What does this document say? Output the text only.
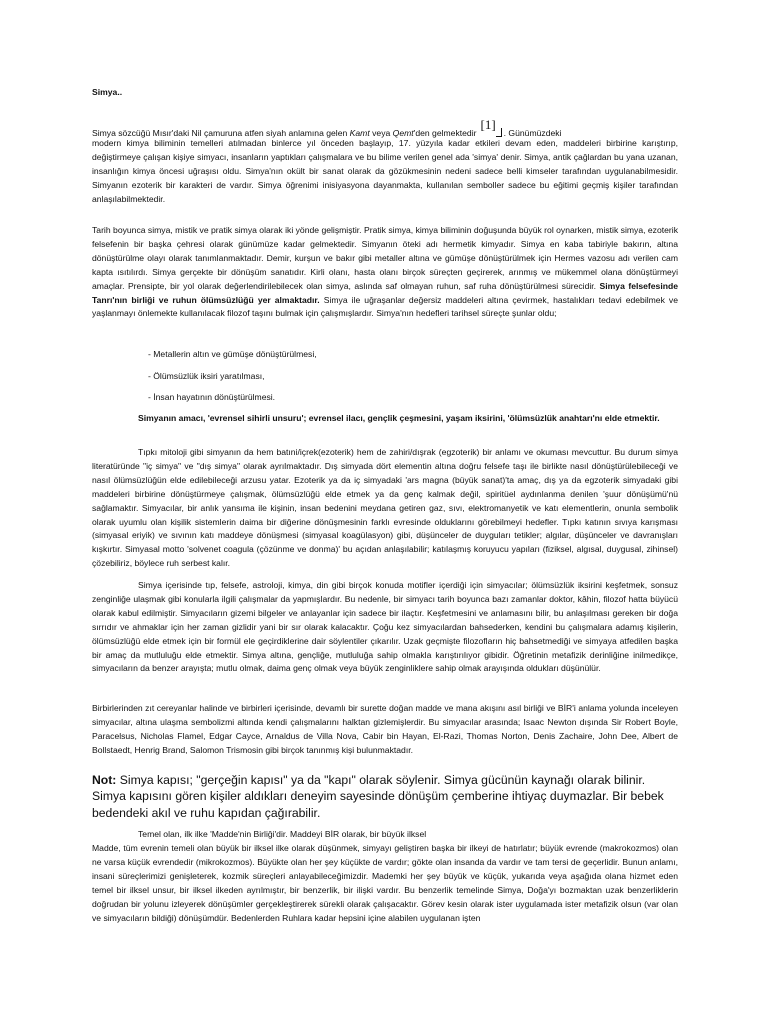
Simya..
Simya sözcüğü Mısır'daki Nil çamuruna atfen siyah anlamına gelen Kamt veya Qemt'den gelmektedir[1]. Günümüzdeki

modern kimya biliminin temelleri atılmadan binlerce yıl önceden başlayıp, 17. yüzyıla kadar etkileri devam eden, maddeleri birbirine karıştırıp, değiştirmeye çalışan kişiye simyacı, insanların yaptıkları çalışmalara ve bu bilime verilen genel ada 'simya' denir. Simya, antik çağlardan bu yana uzanan, insanlığın kimya öncesi uğraşısı oldu. Simya'nın okült bir sanat olarak da gözükmesinin nedeni sadece belli kimseler tarafından uygulanabilmesidir. Simyanın ezoterik bir karakteri de vardır. Simya öğrenimi inisiyasyona dayanmakta, kullanılan semboller sadece bu eğitimi geçmiş kişiler tarafından anlaşılabilmektedir.

Tarih boyunca simya, mistik ve pratik simya olarak iki yönde gelişmiştir. Pratik simya, kimya biliminin doğuşunda büyük rol oynarken, mistik simya, ezoterik felsefenin bir başka çehresi olarak günümüze kadar gelmektedir. Simyanın öteki adı hermetik kimyadır. Simya en kaba tabiriyle bakırın, altına dönüştürülme olayı olarak tanımlanmaktadır. Demir, kurşun ve bakır gibi metaller altına ve gümüşe dönüştürülmek için Hermes vazosu adı verilen cam kapta ısıtılırdı. Simya gerçekte bir dönüşüm sanatıdır. Kirli olanı, hasta olanı birçok süreçten geçirerek, arınmış ve mükemmel olana dönüştürmeyi amaçlar. Prensipte, bir yol olarak değerlendirilebilecek olan simya, aslında saf olmayan ruhun, saf ruha dönüştürülmesi sürecidir. Simya felsefesinde Tanrı'nın birliği ve ruhun ölümsüzlüğü yer almaktadır. Simya ile uğraşanlar değersiz maddeleri altına çevirmek, hastalıkları tedavi edebilmek ve yaşlanmayı önlemekte kullanılacak filozof taşını bulmak için çalışmışlardır. Simya'nın hedefleri tarihsel süreçte şunlar oldu;

- Metallerin altın ve gümüşe dönüştürülmesi,
- Ölümsüzlük iksiri yaratılması,
- İnsan hayatının dönüştürülmesi.

Simyanın amacı, 'evrensel sihirli unsuru'; evrensel ilacı, gençlik çeşmesini, yaşam iksirini, 'ölümsüzlük anahtarı'nı elde etmektir.

Tıpkı mitoloji gibi simyanın da hem batıni/içrek(ezoterik) hem de zahiri/dışrak (egzoterik) bir anlamı ve okuması mevcuttur. Bu durum simya literatüründe "iç simya" ve "dış simya" olarak ayrılmaktadır. Dış simyada dört elementin altına doğru felsefe taşı ile birlikte nasıl dönüştürülebileceği ve nasıl ölümsüzlüğün elde edilebileceği arzusu yatar. Ezoterik ya da iç simyadaki 'ars magna (büyük sanat)'ta amaç, dış ya da egzoterik simyadaki gibi maddeleri birbirine dönüştürmeye çalışmak, ölümsüzlüğü elde etmek ya da genç kalmak değil, spiritüel aydınlanma denilen 'şuur dönüşümü'nü sağlamaktır. Simyacılar, bir anlık yansıma ile kişinin, insan bedenini meydana getiren gaz, sıvı, elektromanyetik ve katı elementlerin, onunla sembolik olarak uyumlu olan kişilik sistemlerin daima bir diğerine dönüşmesinin farklı evresinde olduklarını görebilmeyi hedefler. Tıpkı katının sıvıya karışması (simyasal eriyik) ve sıvının katı maddeye dönüşmesi (simyasal koagülasyon) gibi, düşünceler de duyguları tetikler; algılar, düşünceler ve davranışları kışkırtır. Simyasal motto 'solvenet coagula (çözünme ve donma)' bu açıdan anlaşılabilir; katılaşmış koruyucu yapıları (fiziksel, algısal, duygusal, zihinsel) çözebiliriz, böylece ruh serbest kalır.

Simya içerisinde tıp, felsefe, astroloji, kimya, din gibi birçok konuda motifler içerdiği için simyacılar; ölümsüzlük iksirini keşfetmek, sonsuz zenginliğe ulaşmak gibi konularla ilgili çalışmalar da yapmışlardır. Bu nedenle, bir simyacı tarih boyunca bazı zamanlar doktor, kâhin, filozof hatta büyücü olarak kabul edilmiştir. Simyacıların gizemi bilgeler ve anlayanlar için sadece bir ilaçtır. Keşfetmesini ve anlamasını bilir, bu anlaşılması gereken bir doğa sırrıdır ve ahmaklar için her zaman gizlidir yani bir sır olarak kalacaktır. Çoğu kez simyacılardan bahsederken, kendini bu çalışmalara adamış kişilerin, ölümsüzlüğü elde etmek için bir formül ele geçirdiklerine dair söylentiler çıkarılır. Uzak geçmişte filozofların hiç bahsetmediği ve simyaya atfedilen başka bir amaç da mutluluğu elde etmektir. Simya altına, gençliğe, mutluluğa sahip olmakla karıştırılıyor gibidir. Öğretinin metafizik derinliğine inilmedikçe, simyacıların da benzer arayışta; mutlu olmak, daima genç olmak veya büyük zenginliklere sahip olmak arayışında oldukları düşünülür.

Birbirlerinden zıt cereyanlar halinde ve birbirleri içerisinde, devamlı bir surette doğan madde ve mana akışını asıl birliği ve BİR'i anlama yolunda inceleyen simyacılar, altına ulaşma sembolizmi altında kendi çalışmalarını halktan gizlemişlerdir. Bu simyacılar arasında; Isaac Newton dışında Sir Robert Boyle, Paracelsus, Nicholas Flamel, Edgar Cayce, Arnaldus de Villa Nova, Cabir bin Hayan, El-Razi, Thomas Norton, Denis Zachaire, John Dee, Albert de Bollstaedt, Henrig Brand, Salomon Trismosin gibi birçok tanınmış kişi bulunmaktadır.

Not: Simya kapısı; "gerçeğin kapısı" ya da "kapı" olarak söylenir. Simya gücünün kaynağı olarak bilinir. Simya kapısını gören kişiler aldıkları deneyim sayesinde dönüşüm çemberine ihtiyaç duymazlar. Bir bebek bedendeki akıl ve ruhu kapıdan çağırabilir.

Temel olan, ilk ilke 'Madde'nin Birliği'dir. Maddeyi BİR olarak, bir büyük ilksel

Madde, tüm evrenin temeli olan büyük bir ilksel ilke olarak düşünmek, simyayı geliştiren başka bir ilkeyi de hatırlatır; büyük evrende (makrokozmos) olan ne varsa küçük evrendedir (mikrokozmos). Büyükte olan her şey küçükte de vardır; gökte olan insanda da vardır ve tam tersi de geçerlidir. Bunun anlamı, insani süreçlerimizi genişleterek, kozmik süreçleri anlayabileceğimizdir. Mademki her şey büyük ve küçük, yukarıda veya aşağıda olana hizmet eden temel bir ilksel unsur, bir ilksel ilkeden ayrılmıştır, bir benzerlik, bir ilişki vardır. Bu benzerlik temelinde Simya, Doğa'yı bozmaktan uzak benzerliklerin doğrudan bir yolunu izleyerek dönüşümler gerçekleştirerek sürekli olarak çalışacaktır. Görev kesin olarak ister uygulamada ister metafizik olsun (var olan ve simyacıların bildiği) dönüşümdür. Bedenlerden Ruhlara kadar hepsini içine alabilen uygulanan işten
